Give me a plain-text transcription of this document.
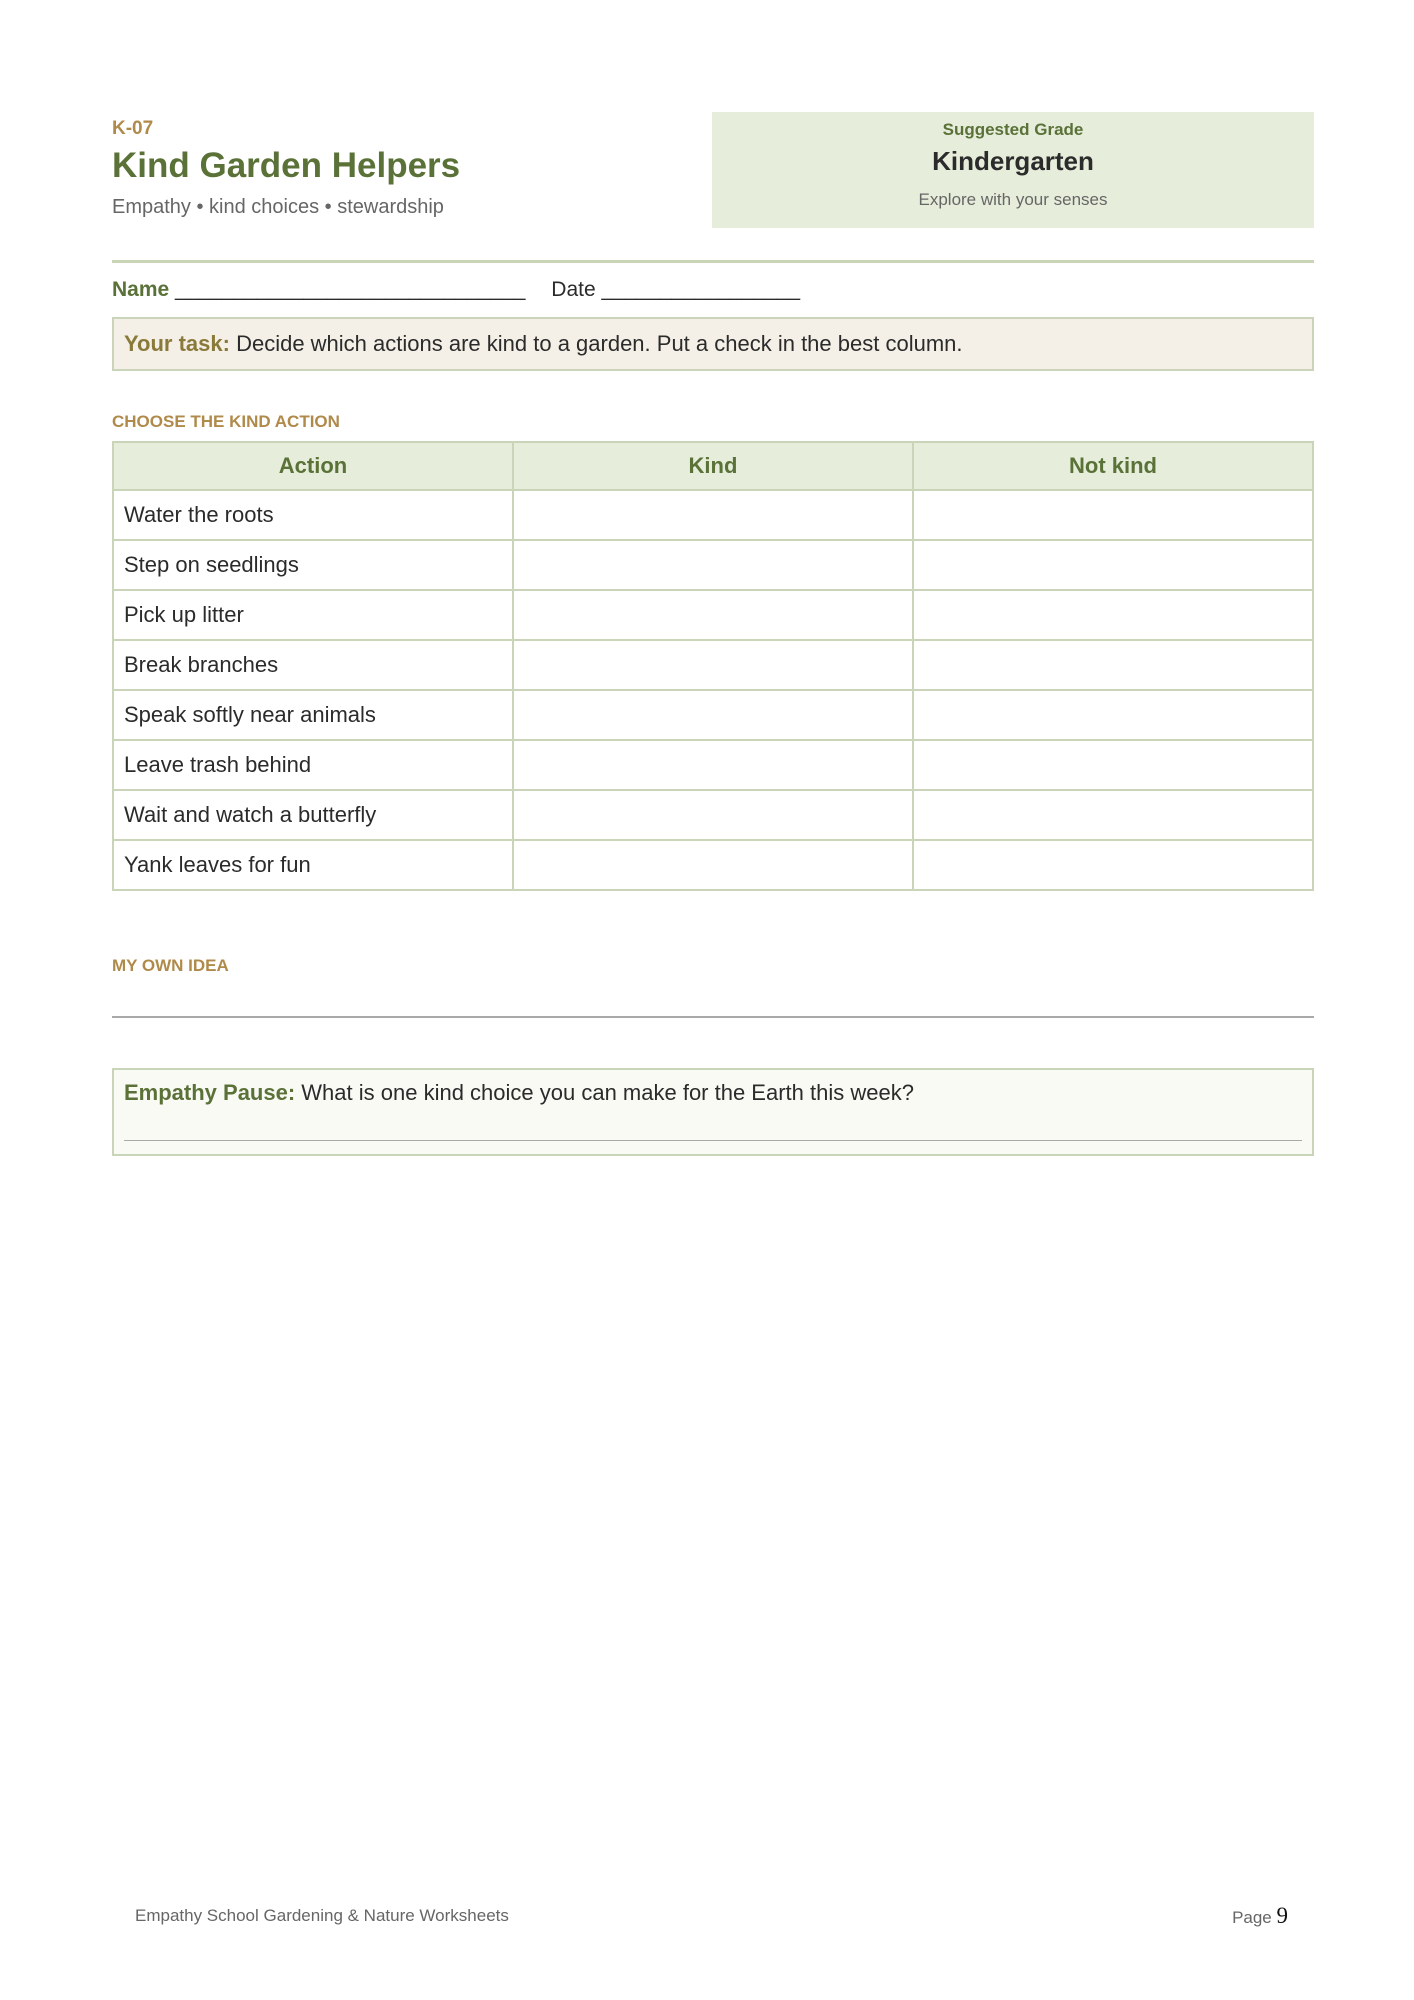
K-07
Kind Garden Helpers
Empathy • kind choices • stewardship
Suggested Grade
Kindergarten
Explore with your senses
Name ______________________________ Date _________________
Your task: Decide which actions are kind to a garden. Put a check in the best column.
CHOOSE THE KIND ACTION
Action	Kind	Not kind
Water the roots		
Step on seedlings		
Pick up litter		
Break branches		
Speak softly near animals		
Leave trash behind		
Wait and watch a butterfly		
Yank leaves for fun		
MY OWN IDEA
Empathy Pause: What is one kind choice you can make for the Earth this week?
Empathy School Gardening & Nature Worksheets	Page 9
